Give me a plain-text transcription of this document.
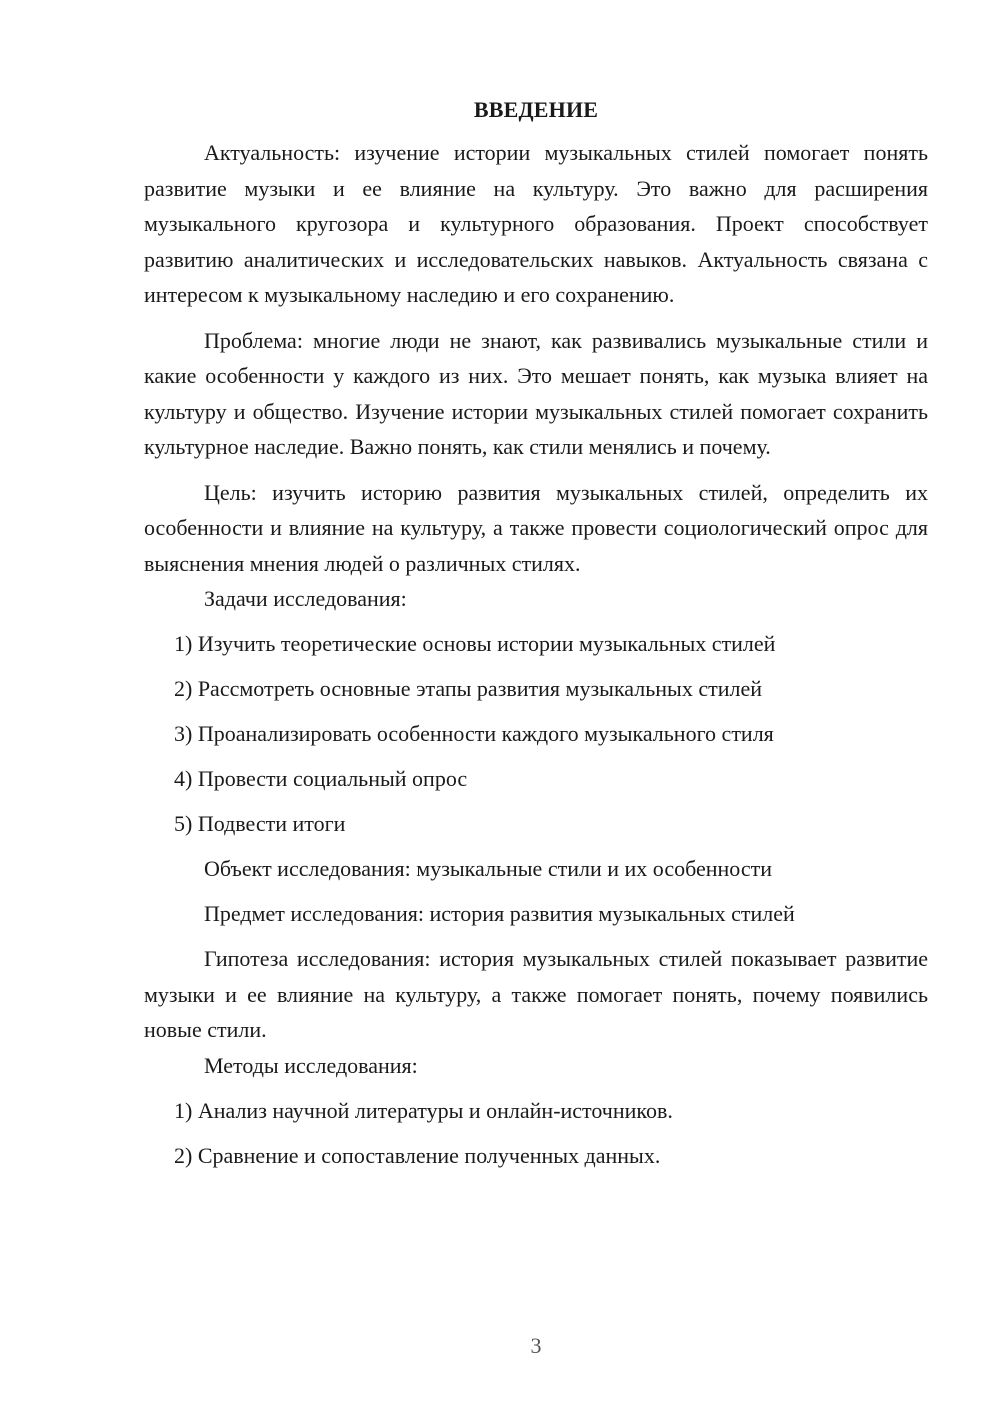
ВВЕДЕНИЕ

Актуальность: изучение истории музыкальных стилей помогает понять развитие музыки и ее влияние на культуру. Это важно для расширения музыкального кругозора и культурного образования. Проект способствует развитию аналитических и исследовательских навыков. Актуальность связана с интересом к музыкальному наследию и его сохранению.

Проблема: многие люди не знают, как развивались музыкальные стили и какие особенности у каждого из них. Это мешает понять, как музыка влияет на культуру и общество. Изучение истории музыкальных стилей помогает сохранить культурное наследие. Важно понять, как стили менялись и почему.

Цель: изучить историю развития музыкальных стилей, определить их особенности и влияние на культуру, а также провести социологический опрос для выяснения мнения людей о различных стилях.

Задачи исследования:

1) Изучить теоретические основы истории музыкальных стилей

2) Рассмотреть основные этапы развития музыкальных стилей

3) Проанализировать особенности каждого музыкального стиля

4) Провести социальный опрос

5) Подвести итоги

Объект исследования: музыкальные стили и их особенности

Предмет исследования: история развития музыкальных стилей

Гипотеза исследования: история музыкальных стилей показывает развитие музыки и ее влияние на культуру, а также помогает понять, почему появились новые стили.

Методы исследования:

1) Анализ научной литературы и онлайн-источников.

2) Сравнение и сопоставление полученных данных.

3
